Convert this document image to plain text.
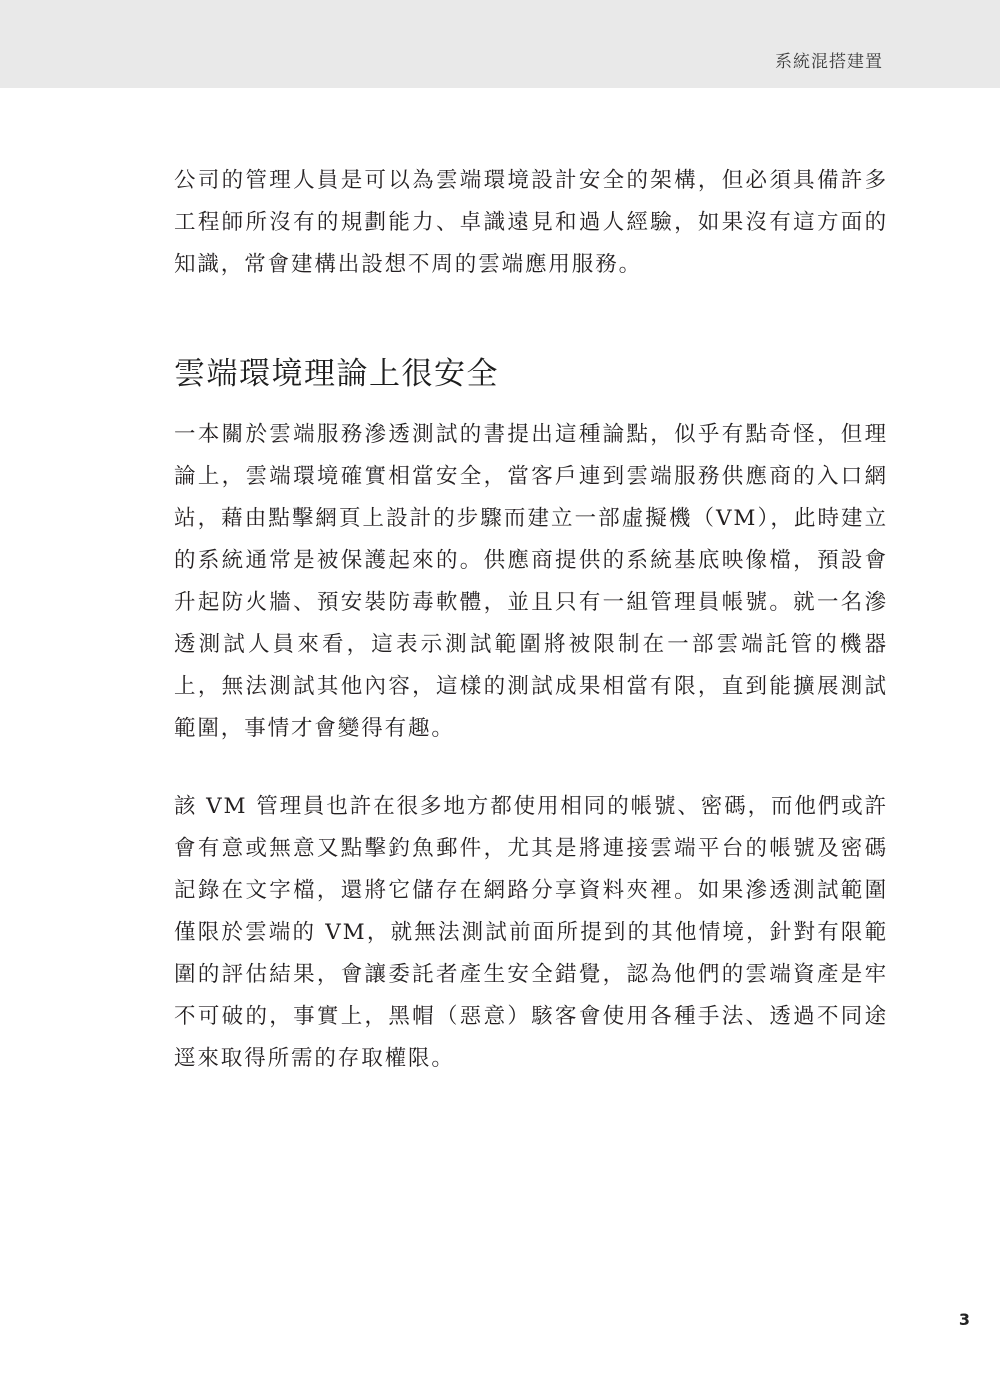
系統混搭建置

公司的管理人員是可以為雲端環境設計安全的架構，但必須具備許多工程師所沒有的規劃能力、卓識遠見和過人經驗，如果沒有這方面的知識，常會建構出設想不周的雲端應用服務。

雲端環境理論上很安全

一本關於雲端服務滲透測試的書提出這種論點，似乎有點奇怪，但理論上，雲端環境確實相當安全，當客戶連到雲端服務供應商的入口網站，藉由點擊網頁上設計的步驟而建立一部虛擬機（VM），此時建立的系統通常是被保護起來的。供應商提供的系統基底映像檔，預設會升起防火牆、預安裝防毒軟體，並且只有一組管理員帳號。就一名滲透測試人員來看，這表示測試範圍將被限制在一部雲端託管的機器上，無法測試其他內容，這樣的測試成果相當有限，直到能擴展測試範圍，事情才會變得有趣。

該 VM 管理員也許在很多地方都使用相同的帳號、密碼，而他們或許會有意或無意又點擊釣魚郵件，尤其是將連接雲端平台的帳號及密碼記錄在文字檔，還將它儲存在網路分享資料夾裡。如果滲透測試範圍僅限於雲端的 VM，就無法測試前面所提到的其他情境，針對有限範圍的評估結果，會讓委託者產生安全錯覺，認為他們的雲端資產是牢不可破的，事實上，黑帽（惡意）駭客會使用各種手法、透過不同途逕來取得所需的存取權限。

3
